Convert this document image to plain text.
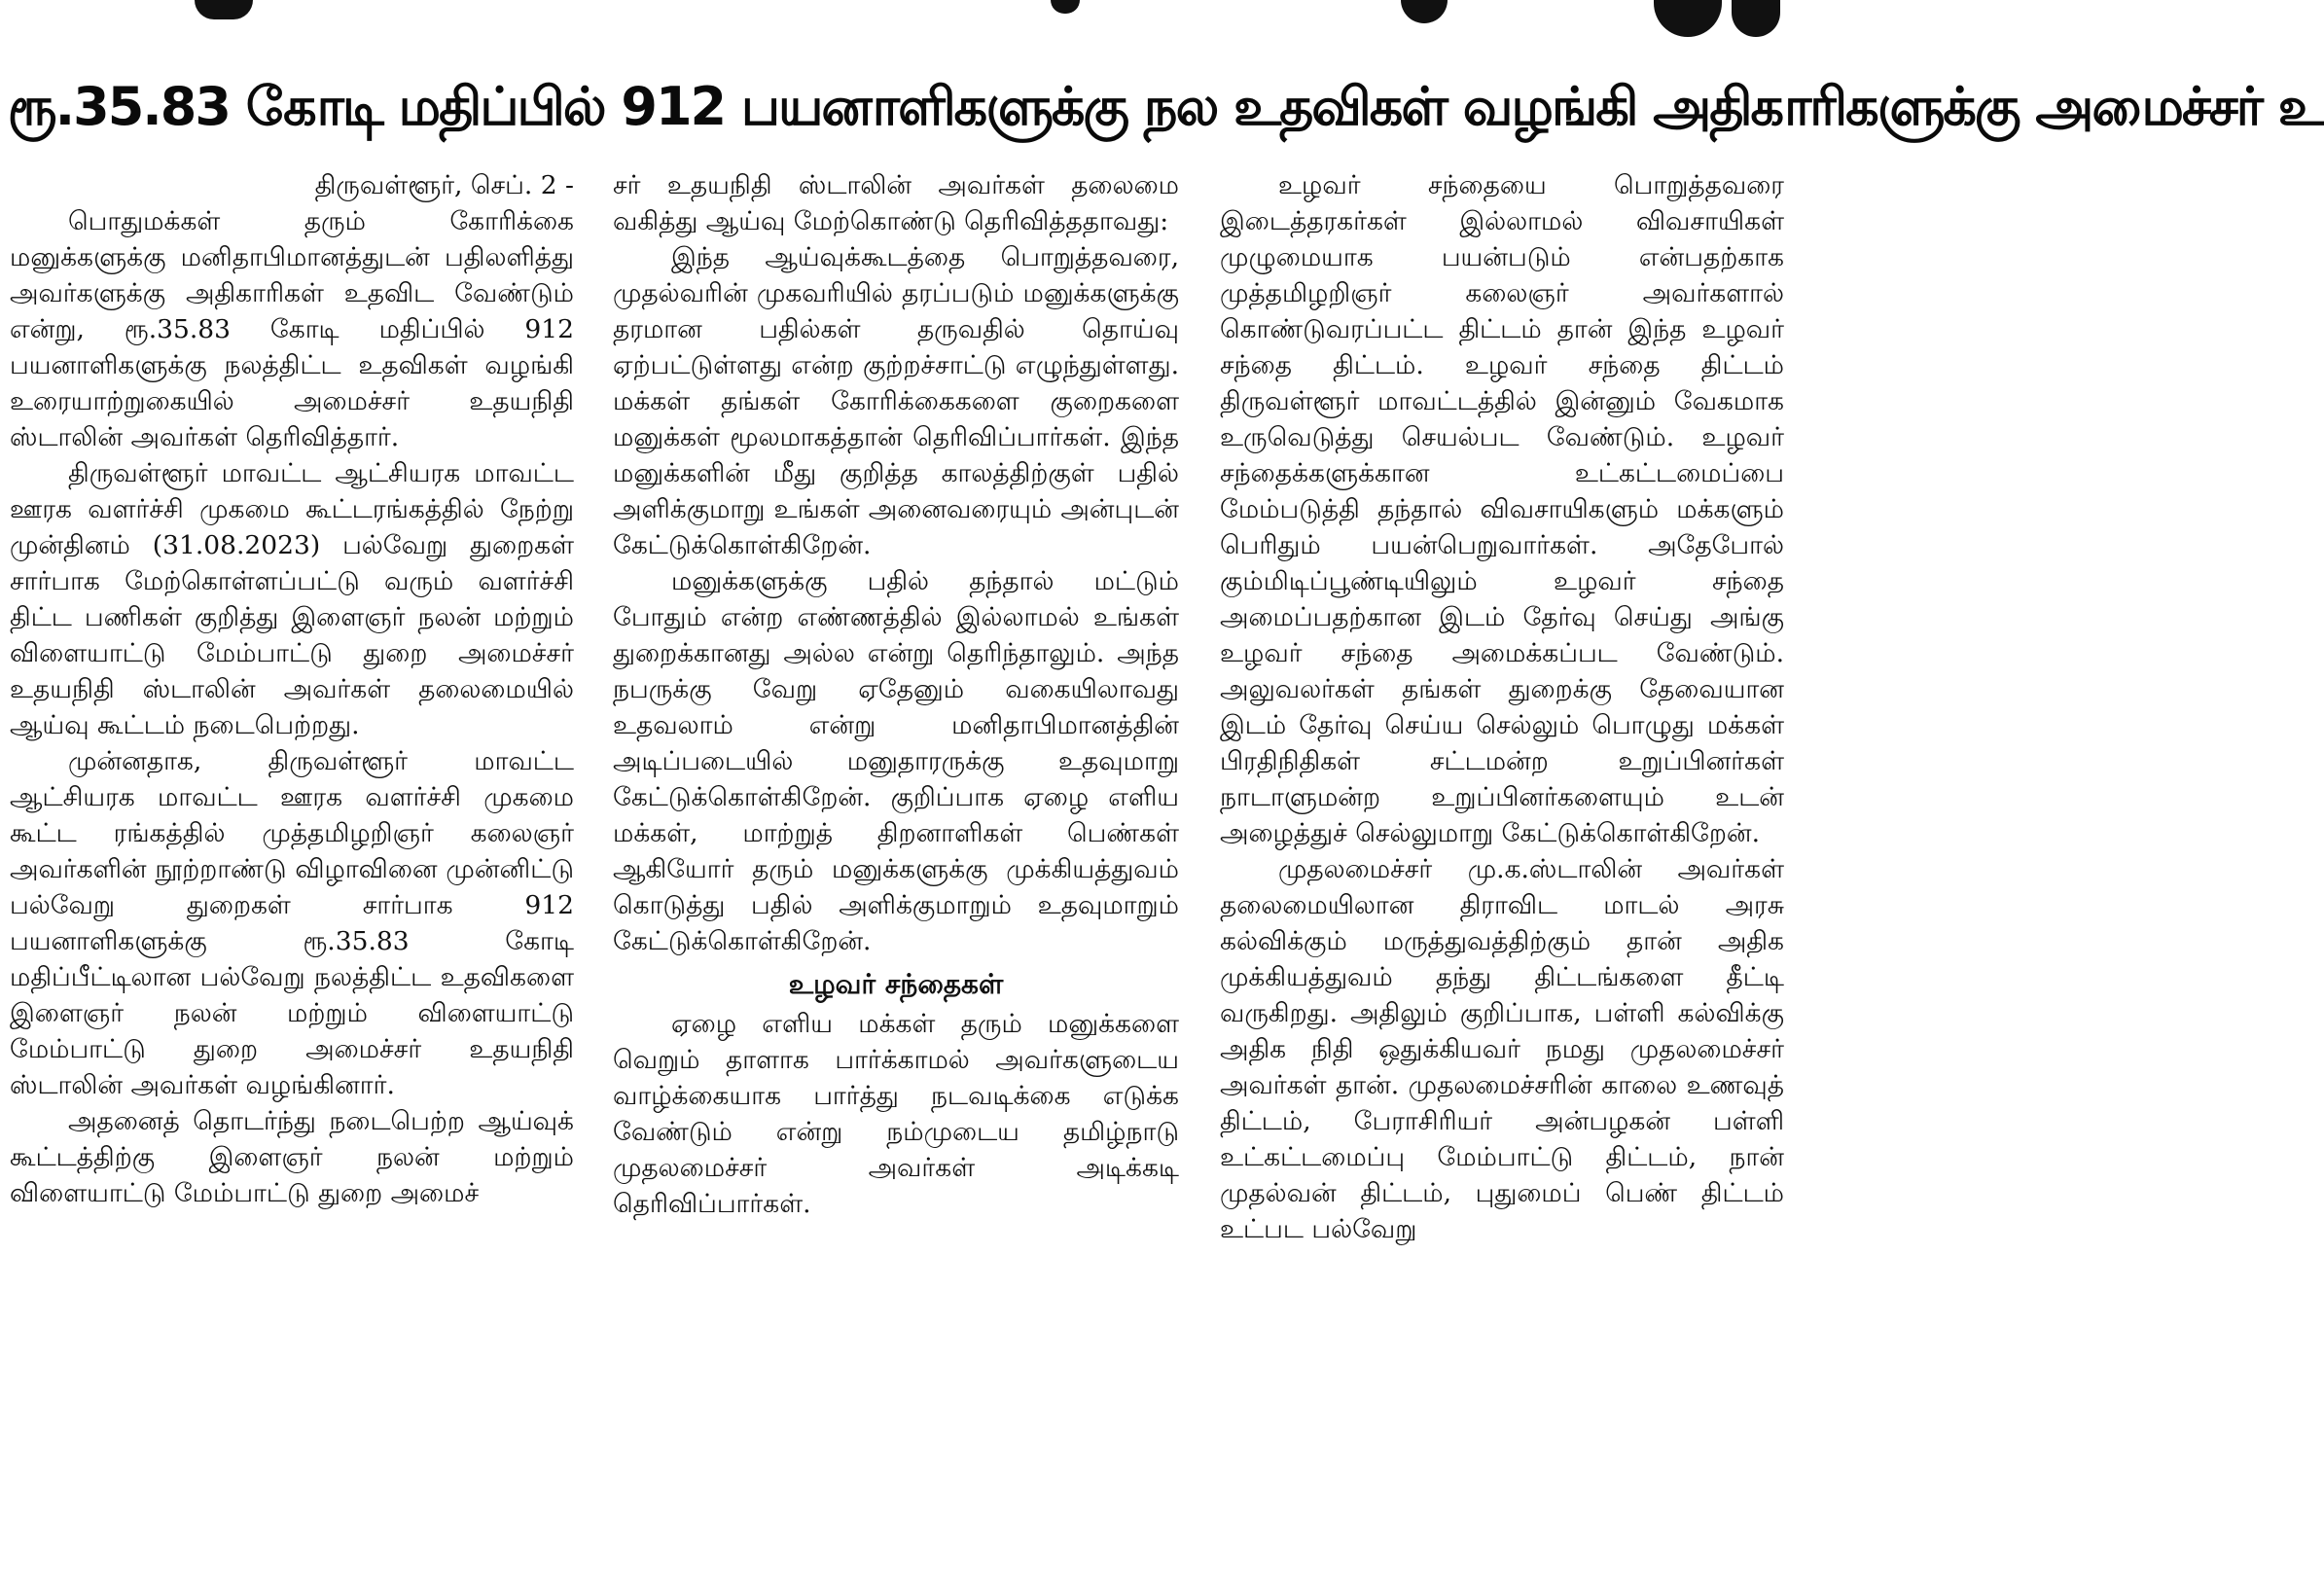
ரூ.35.83 கோடி மதிப்பில் 912 பயனாளிகளுக்கு நல உதவிகள் வழங்கி அதிகாரிகளுக்கு அமைச்சர் உ
திருவள்ளூர், செப். 2 -

பொதுமக்கள் தரும் கோரிக்கை மனுக்களுக்கு மனிதாபிமானத்துடன் பதிலளித்து அவர்களுக்கு அதிகாரிகள் உதவிட வேண்டும் என்று, ரூ.35.83 கோடி மதிப்பில் 912 பயனாளிகளுக்கு நலத்திட்ட உதவிகள் வழங்கி உரையாற்றுகையில் அமைச்சர் உதயநிதி ஸ்டாலின் அவர்கள் தெரிவித்தார்.

திருவள்ளூர் மாவட்ட ஆட்சியரக மாவட்ட ஊரக வளர்ச்சி முகமை கூட்டரங்கத்தில் நேற்று முன்தினம் (31.08.2023) பல்வேறு துறைகள் சார்பாக மேற்கொள்ளப்பட்டு வரும் வளர்ச்சி திட்ட பணிகள் குறித்து இளைஞர் நலன் மற்றும் விளையாட்டு மேம்பாட்டு துறை அமைச்சர் உதயநிதி ஸ்டாலின் அவர்கள் தலைமையில் ஆய்வு கூட்டம் நடைபெற்றது.

முன்னதாக, திருவள்ளூர் மாவட்ட ஆட்சியரக மாவட்ட ஊரக வளர்ச்சி முகமை கூட்ட ரங்கத்தில் முத்தமிழறிஞர் கலைஞர் அவர்களின் நூற்றாண்டு விழாவினை முன்னிட்டு பல்வேறு துறைகள் சார்பாக 912 பயனாளிகளுக்கு ரூ.35.83 கோடி மதிப்பீட்டிலான பல்வேறு நலத்திட்ட உதவிகளை இளைஞர் நலன் மற்றும் விளையாட்டு மேம்பாட்டு துறை அமைச்சர் உதயநிதி ஸ்டாலின் அவர்கள் வழங்கினார்.

அதனைத் தொடர்ந்து நடைபெற்ற ஆய்வுக் கூட்டத்திற்கு இளைஞர் நலன் மற்றும் விளையாட்டு மேம்பாட்டு துறை அமைச்

சர் உதயநிதி ஸ்டாலின் அவர்கள் தலைமை வகித்து ஆய்வு மேற்கொண்டு தெரிவித்ததாவது:

இந்த ஆய்வுக்கூடத்தை பொறுத்தவரை, முதல்வரின் முகவரியில் தரப்படும் மனுக்களுக்கு தரமான பதில்கள் தருவதில் தொய்வு ஏற்பட்டுள்ளது என்ற குற்றச்சாட்டு எழுந்துள்ளது. மக்கள் தங்கள் கோரிக்கைகளை குறைகளை மனுக்கள் மூலமாகத்தான் தெரிவிப்பார்கள். இந்த மனுக்களின் மீது குறித்த காலத்திற்குள் பதில் அளிக்குமாறு உங்கள் அனைவரையும் அன்புடன் கேட்டுக்கொள்கிறேன்.

மனுக்களுக்கு பதில் தந்தால் மட்டும் போதும் என்ற எண்ணத்தில் இல்லாமல் உங்கள் துறைக்கானது அல்ல என்று தெரிந்தாலும். அந்த நபருக்கு வேறு ஏதேனும் வகையிலாவது உதவலாம் என்று மனிதாபிமானத்தின் அடிப்படையில் மனுதாரருக்கு உதவுமாறு கேட்டுக்கொள்கிறேன். குறிப்பாக ஏழை எளிய மக்கள், மாற்றுத் திறனாளிகள் பெண்கள் ஆகியோர் தரும் மனுக்களுக்கு முக்கியத்துவம் கொடுத்து பதில் அளிக்குமாறும் உதவுமாறும் கேட்டுக்கொள்கிறேன்.

உழவர் சந்தைகள்

ஏழை எளிய மக்கள் தரும் மனுக்களை வெறும் தாளாக பார்க்காமல் அவர்களுடைய வாழ்க்கையாக பார்த்து நடவடிக்கை எடுக்க வேண்டும் என்று நம்முடைய தமிழ்நாடு முதலமைச்சர் அவர்கள் அடிக்கடி தெரிவிப்பார்கள்.

உழவர் சந்தையை பொறுத்தவரை இடைத்தரகர்கள் இல்லாமல் விவசாயிகள் முழுமையாக பயன்படும் என்பதற்காக முத்தமிழறிஞர் கலைஞர் அவர்களால் கொண்டுவரப்பட்ட திட்டம் தான் இந்த உழவர் சந்தை திட்டம். உழவர் சந்தை திட்டம் திருவள்ளூர் மாவட்டத்தில் இன்னும் வேகமாக உருவெடுத்து செயல்பட வேண்டும். உழவர் சந்தைக்களுக்கான உட்கட்டமைப்பை மேம்படுத்தி தந்தால் விவசாயிகளும் மக்களும் பெரிதும் பயன்பெறுவார்கள். அதேபோல் கும்மிடிப்பூண்டியிலும் உழவர் சந்தை அமைப்பதற்கான இடம் தேர்வு செய்து அங்கு உழவர் சந்தை அமைக்கப்பட வேண்டும். அலுவலர்கள் தங்கள் துறைக்கு தேவையான இடம் தேர்வு செய்ய செல்லும் பொழுது மக்கள் பிரதிநிதிகள் சட்டமன்ற உறுப்பினர்கள் நாடாளுமன்ற உறுப்பினர்களையும் உடன் அழைத்துச் செல்லுமாறு கேட்டுக்கொள்கிறேன்.

முதலமைச்சர் மு.க.ஸ்டாலின் அவர்கள் தலைமையிலான திராவிட மாடல் அரசு கல்விக்கும் மருத்துவத்திற்கும் தான் அதிக முக்கியத்துவம் தந்து திட்டங்களை தீட்டி வருகிறது. அதிலும் குறிப்பாக, பள்ளி கல்விக்கு அதிக நிதி ஒதுக்கியவர் நமது முதலமைச்சர் அவர்கள் தான். முதலமைச்சரின் காலை உணவுத் திட்டம், பேராசிரியர் அன்பழகன் பள்ளி உட்கட்டமைப்பு மேம்பாட்டு திட்டம், நான் முதல்வன் திட்டம், புதுமைப் பெண் திட்டம் உட்பட பல்வேறு
